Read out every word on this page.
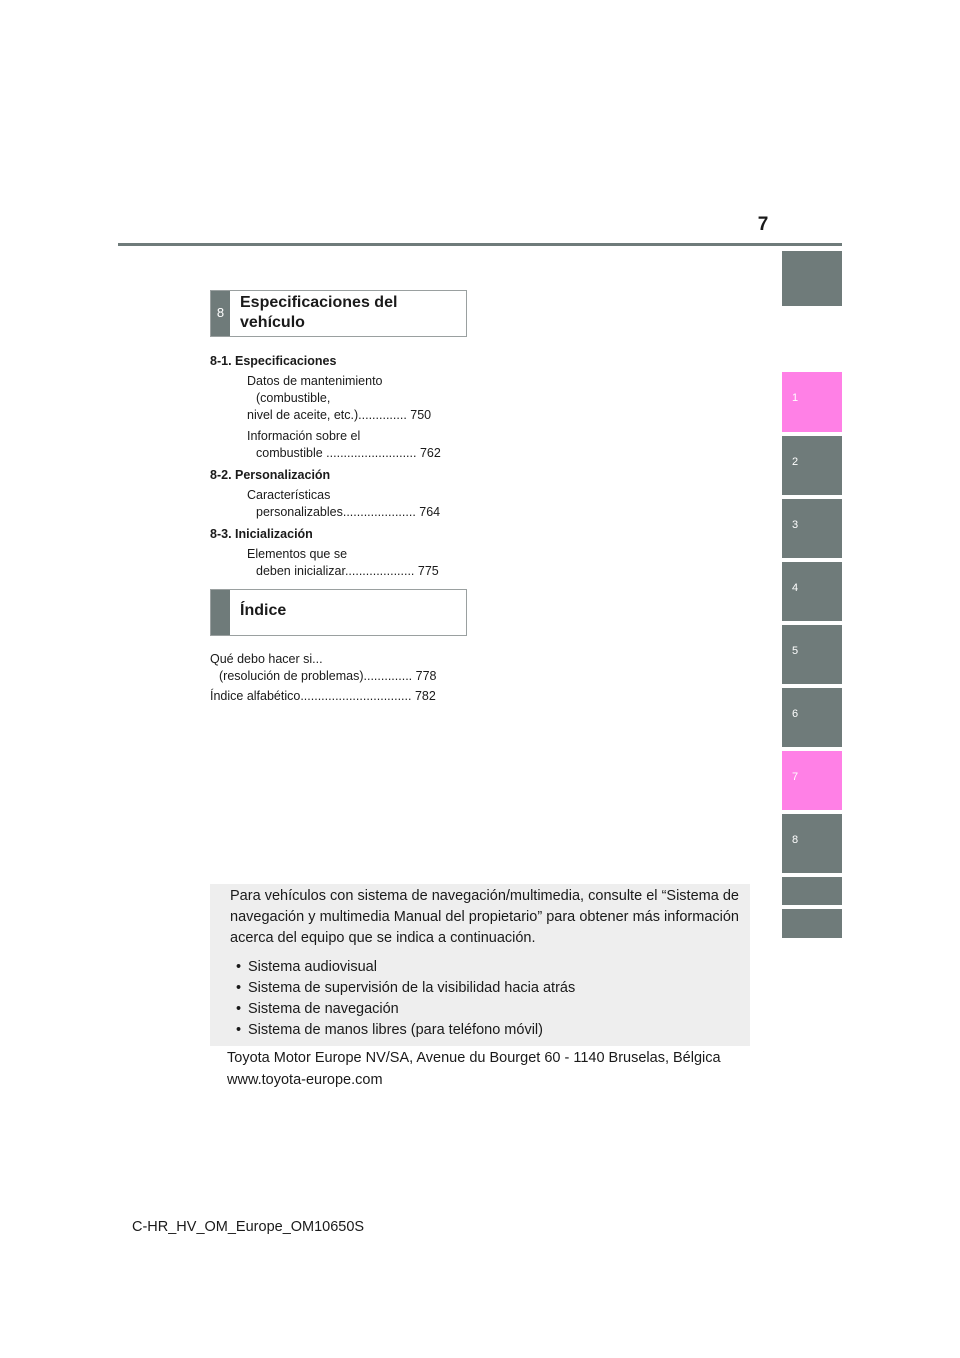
7
1
2
3
4
5
6
7
8
8
Especificaciones del
vehículo
8-1. Especificaciones
Datos de mantenimiento
(combustible,
nivel de aceite, etc.).............. 750
Información sobre el
combustible .......................... 762
8-2. Personalización
Características
personalizables..................... 764
8-3. Inicialización
Elementos que se
deben inicializar.................... 775
Índice
Qué debo hacer si...
(resolución de problemas).............. 778
Índice alfabético................................ 782
Para vehículos con sistema de navegación/multimedia, consulte el “Sistema de navegación y multimedia Manual del propietario” para obtener más información acerca del equipo que se indica a continuación.
• Sistema audiovisual
• Sistema de supervisión de la visibilidad hacia atrás
• Sistema de navegación
• Sistema de manos libres (para teléfono móvil)
Toyota Motor Europe NV/SA, Avenue du Bourget 60 - 1140 Bruselas, Bélgica
www.toyota-europe.com
C-HR_HV_OM_Europe_OM10650S
